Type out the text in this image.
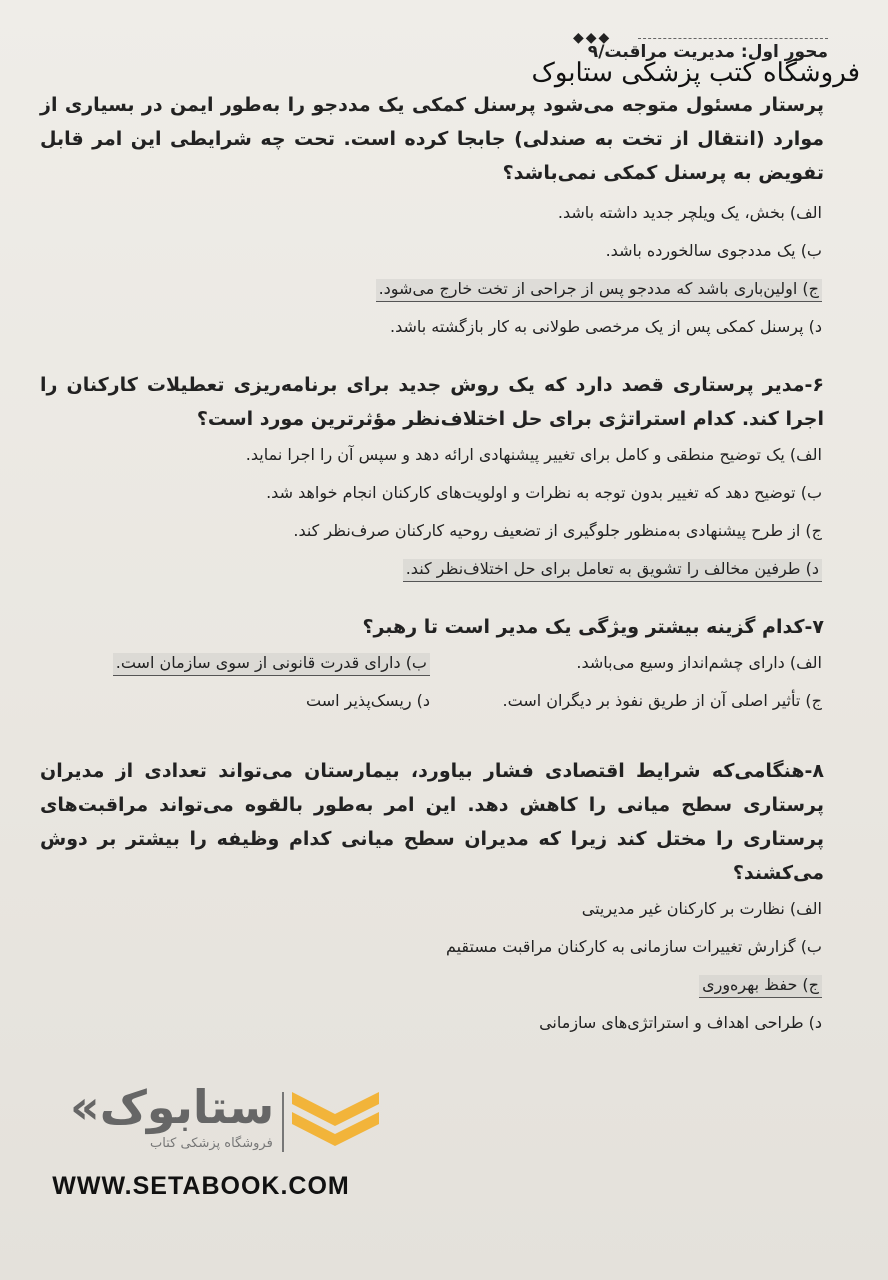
◆◆◆
محور اول: مدیریت مراقبت/۹
فروشگاه کتب پزشکی ستابوک

پرستار مسئول متوجه می‌شود پرسنل کمکی یک مددجو را به‌طور ایمن در بسیاری از موارد (انتقال از تخت به صندلی) جابجا کرده است. تحت چه شرایطی این امر قابل تفویض به پرسنل کمکی نمی‌باشد؟

الف) بخش، یک ویلچر جدید داشته باشد.

ب) یک مددجوی سالخورده باشد.

ج) اولین‌باری باشد که مددجو پس از جراحی از تخت خارج می‌شود.

د) پرسنل کمکی پس از یک مرخصی طولانی به کار بازگشته باشد.

۶-مدیر پرستاری قصد دارد که یک روش جدید برای برنامه‌ریزی تعطیلات کارکنان را اجرا کند. کدام استراتژی برای حل اختلاف‌نظر مؤثرترین مورد است؟

الف) یک توضیح منطقی و کامل برای تغییر پیشنهادی ارائه دهد و سپس آن را اجرا نماید.

ب) توضیح دهد که تغییر بدون توجه به نظرات و اولویت‌های کارکنان انجام خواهد شد.

ج) از طرح پیشنهادی به‌منظور جلوگیری از تضعیف روحیه کارکنان صرف‌نظر کند.

د) طرفین مخالف را تشویق به تعامل برای حل اختلاف‌نظر کند.

۷-کدام گزینه بیشتر ویژگی یک مدیر است تا رهبر؟

الف) دارای چشم‌انداز وسیع می‌باشد.

ج) تأثیر اصلی آن از طریق نفوذ بر دیگران است.

ب) دارای قدرت قانونی از سوی سازمان است.

د) ریسک‌پذیر است

۸-هنگامی‌که شرایط اقتصادی فشار بیاورد، بیمارستان می‌تواند تعدادی از مدیران پرستاری سطح میانی را کاهش دهد. این امر به‌طور بالقوه می‌تواند مراقبت‌های پرستاری را مختل کند زیرا که مدیران سطح میانی کدام وظیفه را بیشتر بر دوش می‌کشند؟

الف) نظارت بر کارکنان غیر مدیریتی

ب) گزارش تغییرات سازمانی به کارکنان مراقبت مستقیم

ج) حفظ بهره‌وری

د) طراحی اهداف و استراتژی‌های سازمانی

«ستابوک
فروشگاه پزشکی کتاب
WWW.SETABOOK.COM
